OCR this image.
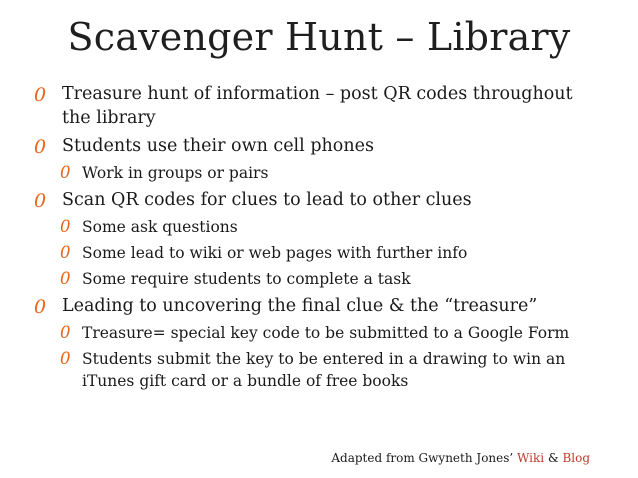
Scavenger Hunt – Library
0 Treasure hunt of information – post QR codes throughout the library
0 Students use their own cell phones
0 Work in groups or pairs
0 Scan QR codes for clues to lead to other clues
0 Some ask questions
0 Some lead to wiki or web pages with further info
0 Some require students to complete a task
0 Leading to uncovering the final clue & the “treasure”
0 Treasure= special key code to be submitted to a Google Form
0 Students submit the key to be entered in a drawing to win an iTunes gift card or a bundle of free books
Adapted from Gwyneth Jones’ Wiki & Blog
